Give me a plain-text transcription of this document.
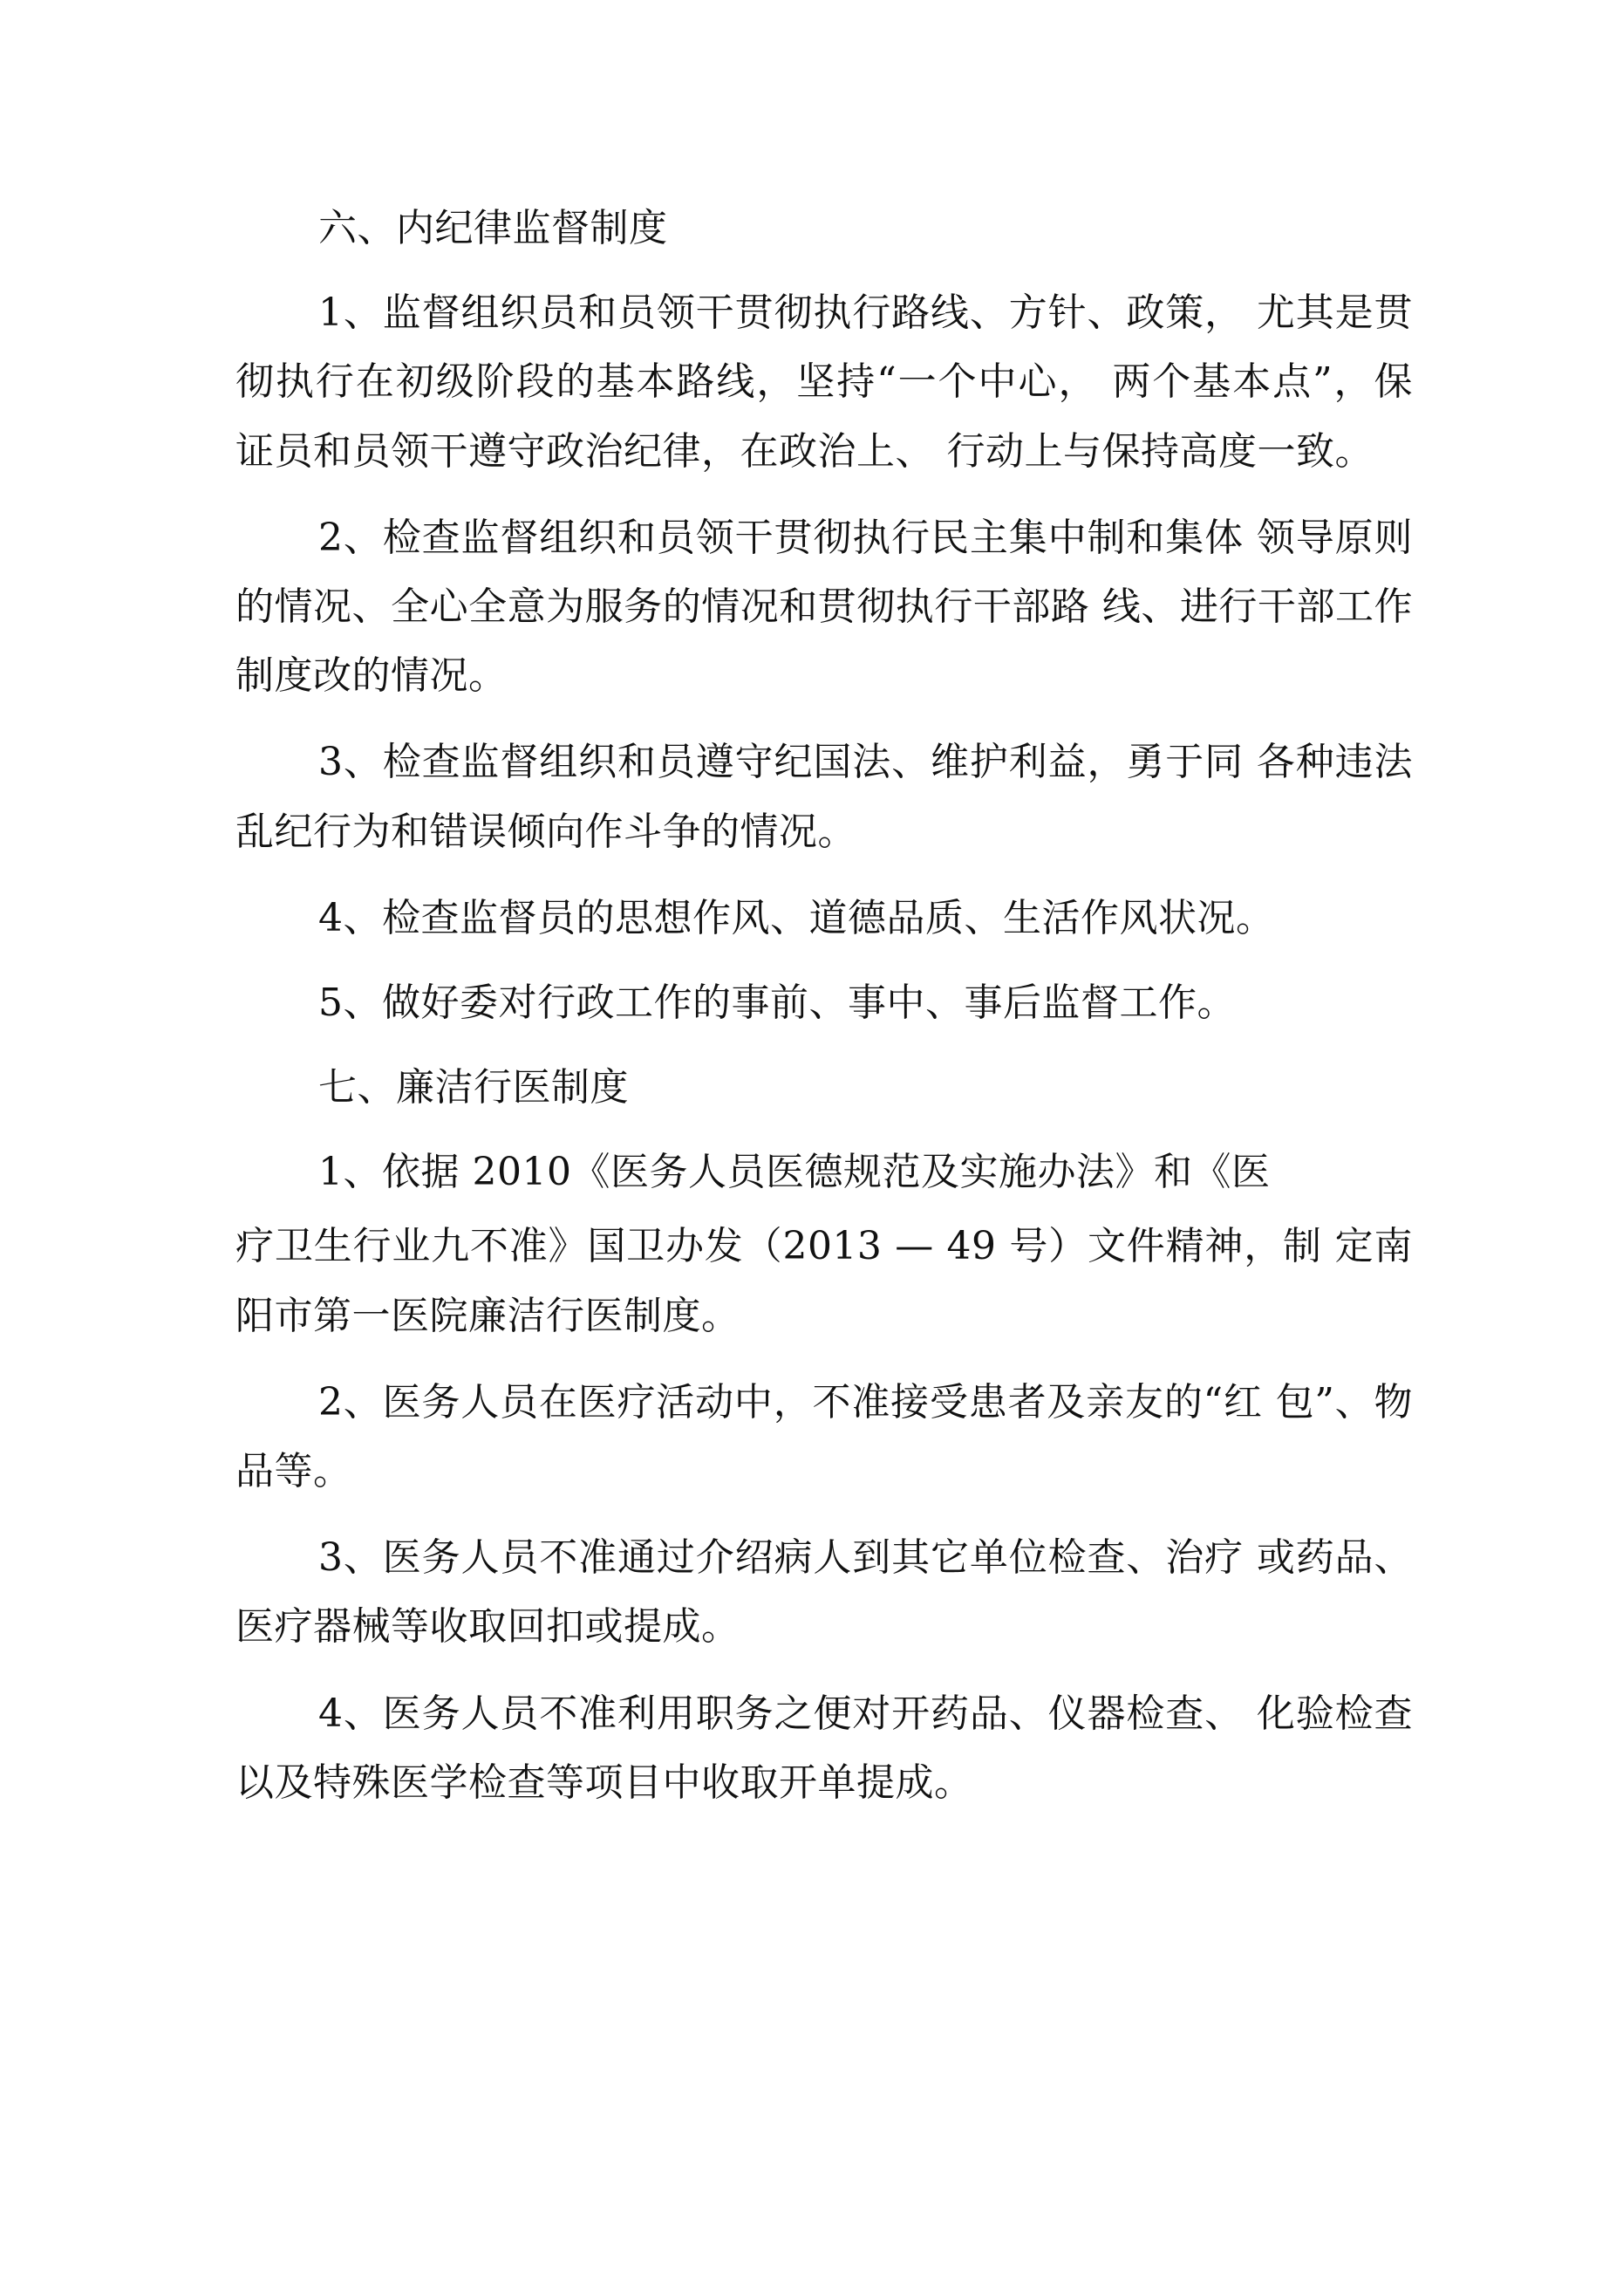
六、内纪律监督制度

1、监督组织员和员领干贯彻执行路线、方针、政策， 尤其是贯彻执行在初级阶段的基本路线，坚持“一个中心， 两个基本点”，保证员和员领干遵守政治纪律，在政治上、 行动上与保持高度一致。

2、检查监督组织和员领干贯彻执行民主集中制和集体 领导原则的情况、全心全意为服务的情况和贯彻执行干部路 线、进行干部工作制度改的情况。

3、检查监督组织和员遵守纪国法、维护利益，勇于同 各种违法乱纪行为和错误倾向作斗争的情况。

4、检查监督员的思想作风、道德品质、生活作风状况。

5、做好委对行政工作的事前、事中、事后监督工作。

七、廉洁行医制度

1、依据 2010《医务人员医德规范及实施办法》和《医

疗卫生行业九不准》国卫办发（2013 — 49 号）文件精神，制 定南阳市第一医院廉洁行医制度。

2、医务人员在医疗活动中，不准接受患者及亲友的“红 包”、物品等。

3、医务人员不准通过介绍病人到其它单位检查、治疗 或药品、医疗器械等收取回扣或提成。

4、医务人员不准利用职务之便对开药品、仪器检查、 化验检查以及特殊医学检查等项目中收取开单提成。
